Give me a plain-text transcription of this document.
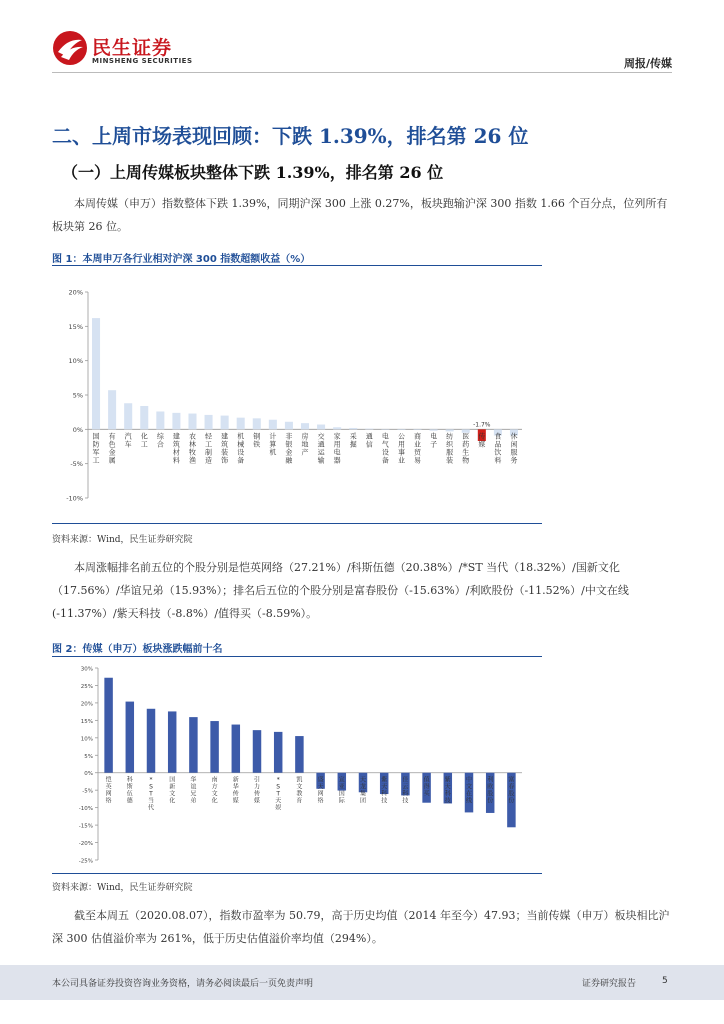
民生证券
MINSHENG SECURITIES	周报/传媒
二、上周市场表现回顾：下跌 1.39%，排名第 26 位
（一）上周传媒板块整体下跌 1.39%，排名第 26 位
本周传媒（申万）指数整体下跌 1.39%，同期沪深 300 上涨 0.27%，板块跑输沪深 300 指数 1.66 个百分点，位列所有板块第 26 位。
图 1：本周申万各行业相对沪深 300 指数超额收益（%）
-10%
-5%
0%
5%
10%
15%
20%
国防军工
有色金属
汽车
化工
综合
建筑材料
农林牧渔
轻工制造
建筑装饰
机械设备
钢铁
计算机
非银金融
房地产
交通运输
家用电器
采掘
通信
电气设备
公用事业
商业贸易
电子
纺织服装
医药生物
-1.7%
传媒
食品饮料
休闲服务
资料来源：Wind，民生证券研究院
本周涨幅排名前五位的个股分别是恺英网络（27.21%）/科斯伍德（20.38%）/*ST 当代（18.32%）/国新文化（17.56%）/华谊兄弟（15.93%）；排名后五位的个股分别是富春股份（-15.63%）/利欧股份（-11.52%）/中文在线(-11.37%）/紫天科技（-8.8%）/值得买（-8.59%）。
图 2：传媒（申万）板块涨跌幅前十名
-25%
-20%
-15%
-10%
-5%
0%
5%
10%
15%
20%
25%
30%
恺英网络
科斯伍德
* S T 当代
国新文化
华谊兄弟
南方文化
新华传媒
引力传媒
* S T 天娱
凯文教育
盛天网络
宣亚国际
天龙集团
紫天科技
佳云科技
值得买
紫天科技
中文在线
利欧股份
富春股份
资料来源：Wind，民生证券研究院
截至本周五（2020.08.07），指数市盈率为 50.79，高于历史均值（2014 年至今）47.93；当前传媒（申万）板块相比沪深 300 估值溢价率为 261%，低于历史估值溢价率均值（294%）。
本公司具备证券投资咨询业务资格，请务必阅读最后一页免责声明	证券研究报告	5
